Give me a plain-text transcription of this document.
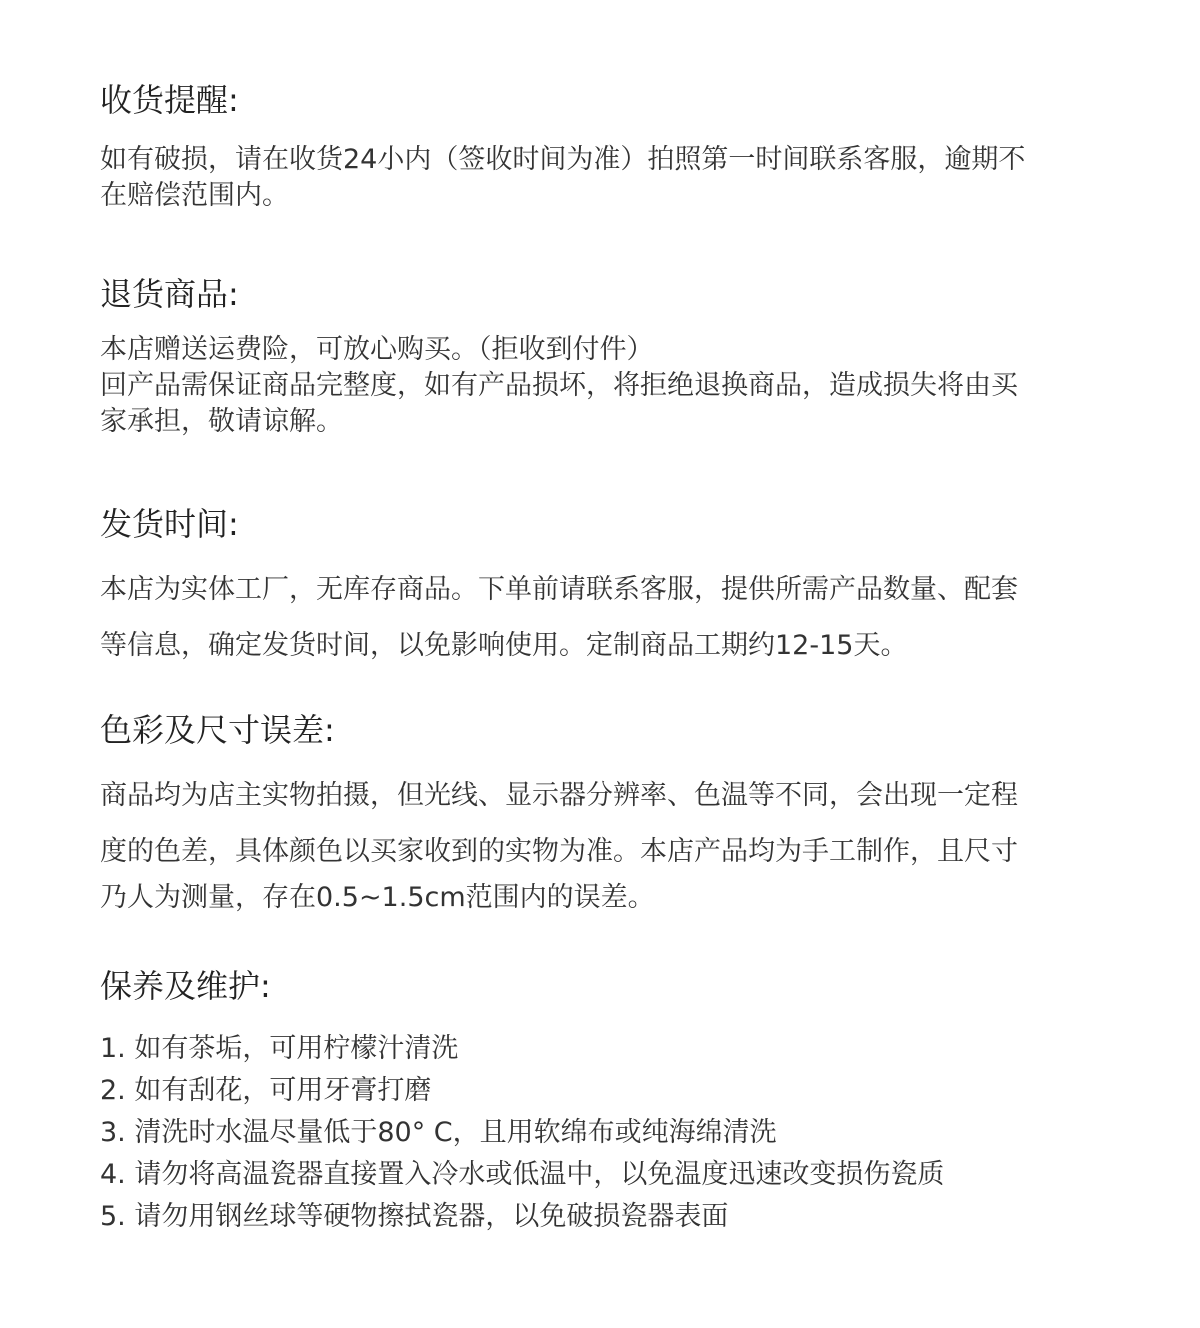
收货提醒:

如有破损，请在收货24小内（签收时间为准）拍照第一时间联系客服，逾期不

在赔偿范围内。

退货商品:

本店赠送运费险，可放心购买。（拒收到付件）

回产品需保证商品完整度，如有产品损坏，将拒绝退换商品，造成损失将由买

家承担，敬请谅解。

发货时间:

本店为实体工厂，无库存商品。下单前请联系客服，提供所需产品数量、配套

等信息，确定发货时间，以免影响使用。定制商品工期约12-15天。

色彩及尺寸误差:

商品均为店主实物拍摄，但光线、显示器分辨率、色温等不同，会出现一定程

度的色差，具体颜色以买家收到的实物为准。本店产品均为手工制作，且尺寸

乃人为测量，存在0.5~1.5cm范围内的误差。

保养及维护:

1. 如有茶垢，可用柠檬汁清洗

2. 如有刮花，可用牙膏打磨

3. 清洗时水温尽量低于80° C，且用软绵布或纯海绵清洗

4. 请勿将高温瓷器直接置入冷水或低温中，以免温度迅速改变损伤瓷质

5. 请勿用钢丝球等硬物擦拭瓷器，以免破损瓷器表面
